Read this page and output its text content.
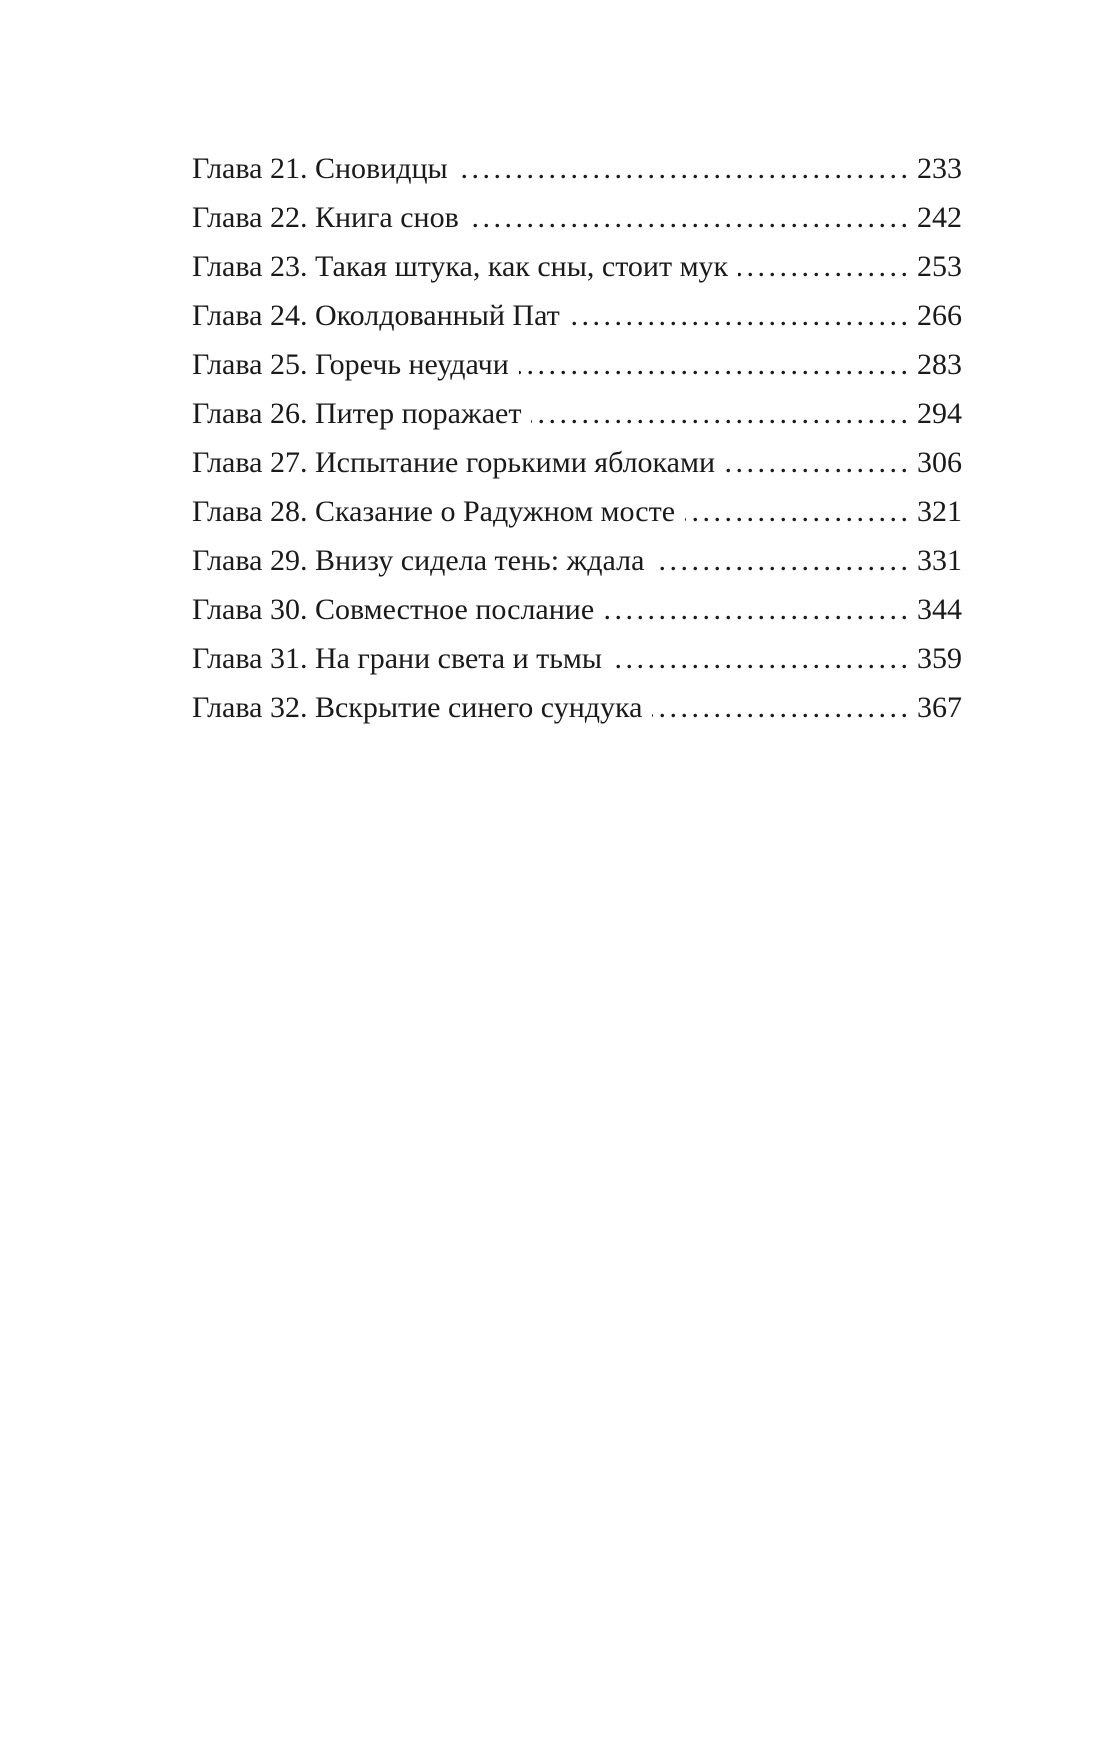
Глава 21. Сновидцы . . .	233
Глава 22. Книга снов . . .	242
Глава 23. Такая штука, как сны, стоит мук . . .	253
Глава 24. Околдованный Пат . . .	266
Глава 25. Горечь неудачи . . .	283
Глава 26. Питер поражает . . .	294
Глава 27. Испытание горькими яблоками . . .	306
Глава 28. Сказание о Радужном мосте . . .	321
Глава 29. Внизу сидела тень: ждала . . .	331
Глава 30. Совместное послание . . .	344
Глава 31. На грани света и тьмы . . .	359
Глава 32. Вскрытие синего сундука . . .	367
